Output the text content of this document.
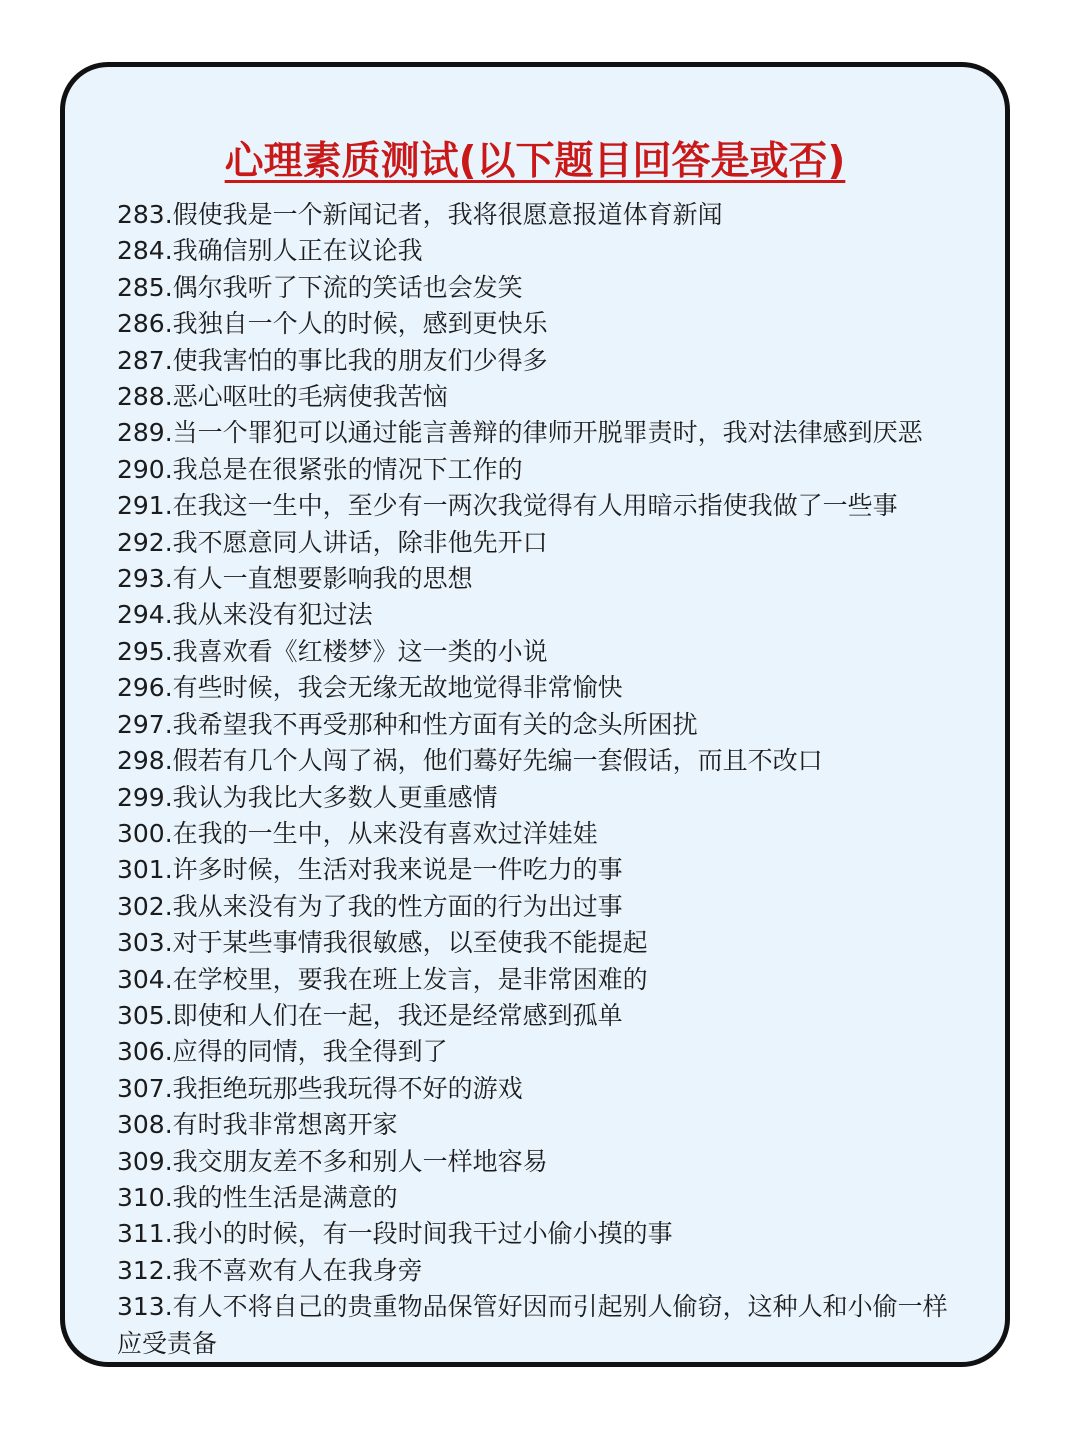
心理素质测试(以下题目回答是或否)
283.假使我是一个新闻记者，我将很愿意报道体育新闻
284.我确信别人正在议论我
285.偶尔我听了下流的笑话也会发笑
286.我独自一个人的时候，感到更快乐
287.使我害怕的事比我的朋友们少得多
288.恶心呕吐的毛病使我苦恼
289.当一个罪犯可以通过能言善辩的律师开脱罪责时，我对法律感到厌恶
290.我总是在很紧张的情况下工作的
291.在我这一生中，至少有一两次我觉得有人用暗示指使我做了一些事
292.我不愿意同人讲话，除非他先开口
293.有人一直想要影响我的思想
294.我从来没有犯过法
295.我喜欢看《红楼梦》这一类的小说
296.有些时候，我会无缘无故地觉得非常愉快
297.我希望我不再受那种和性方面有关的念头所困扰
298.假若有几个人闯了祸，他们蓦好先编一套假话，而且不改口
299.我认为我比大多数人更重感情
300.在我的一生中，从来没有喜欢过洋娃娃
301.许多时候，生活对我来说是一件吃力的事
302.我从来没有为了我的性方面的行为出过事
303.对于某些事情我很敏感，以至使我不能提起
304.在学校里，要我在班上发言，是非常困难的
305.即使和人们在一起，我还是经常感到孤单
306.应得的同情，我全得到了
307.我拒绝玩那些我玩得不好的游戏
308.有时我非常想离开家
309.我交朋友差不多和别人一样地容易
310.我的性生活是满意的
311.我小的时候，有一段时间我干过小偷小摸的事
312.我不喜欢有人在我身旁
313.有人不将自己的贵重物品保管好因而引起别人偷窃，这种人和小偷一样应受责备
